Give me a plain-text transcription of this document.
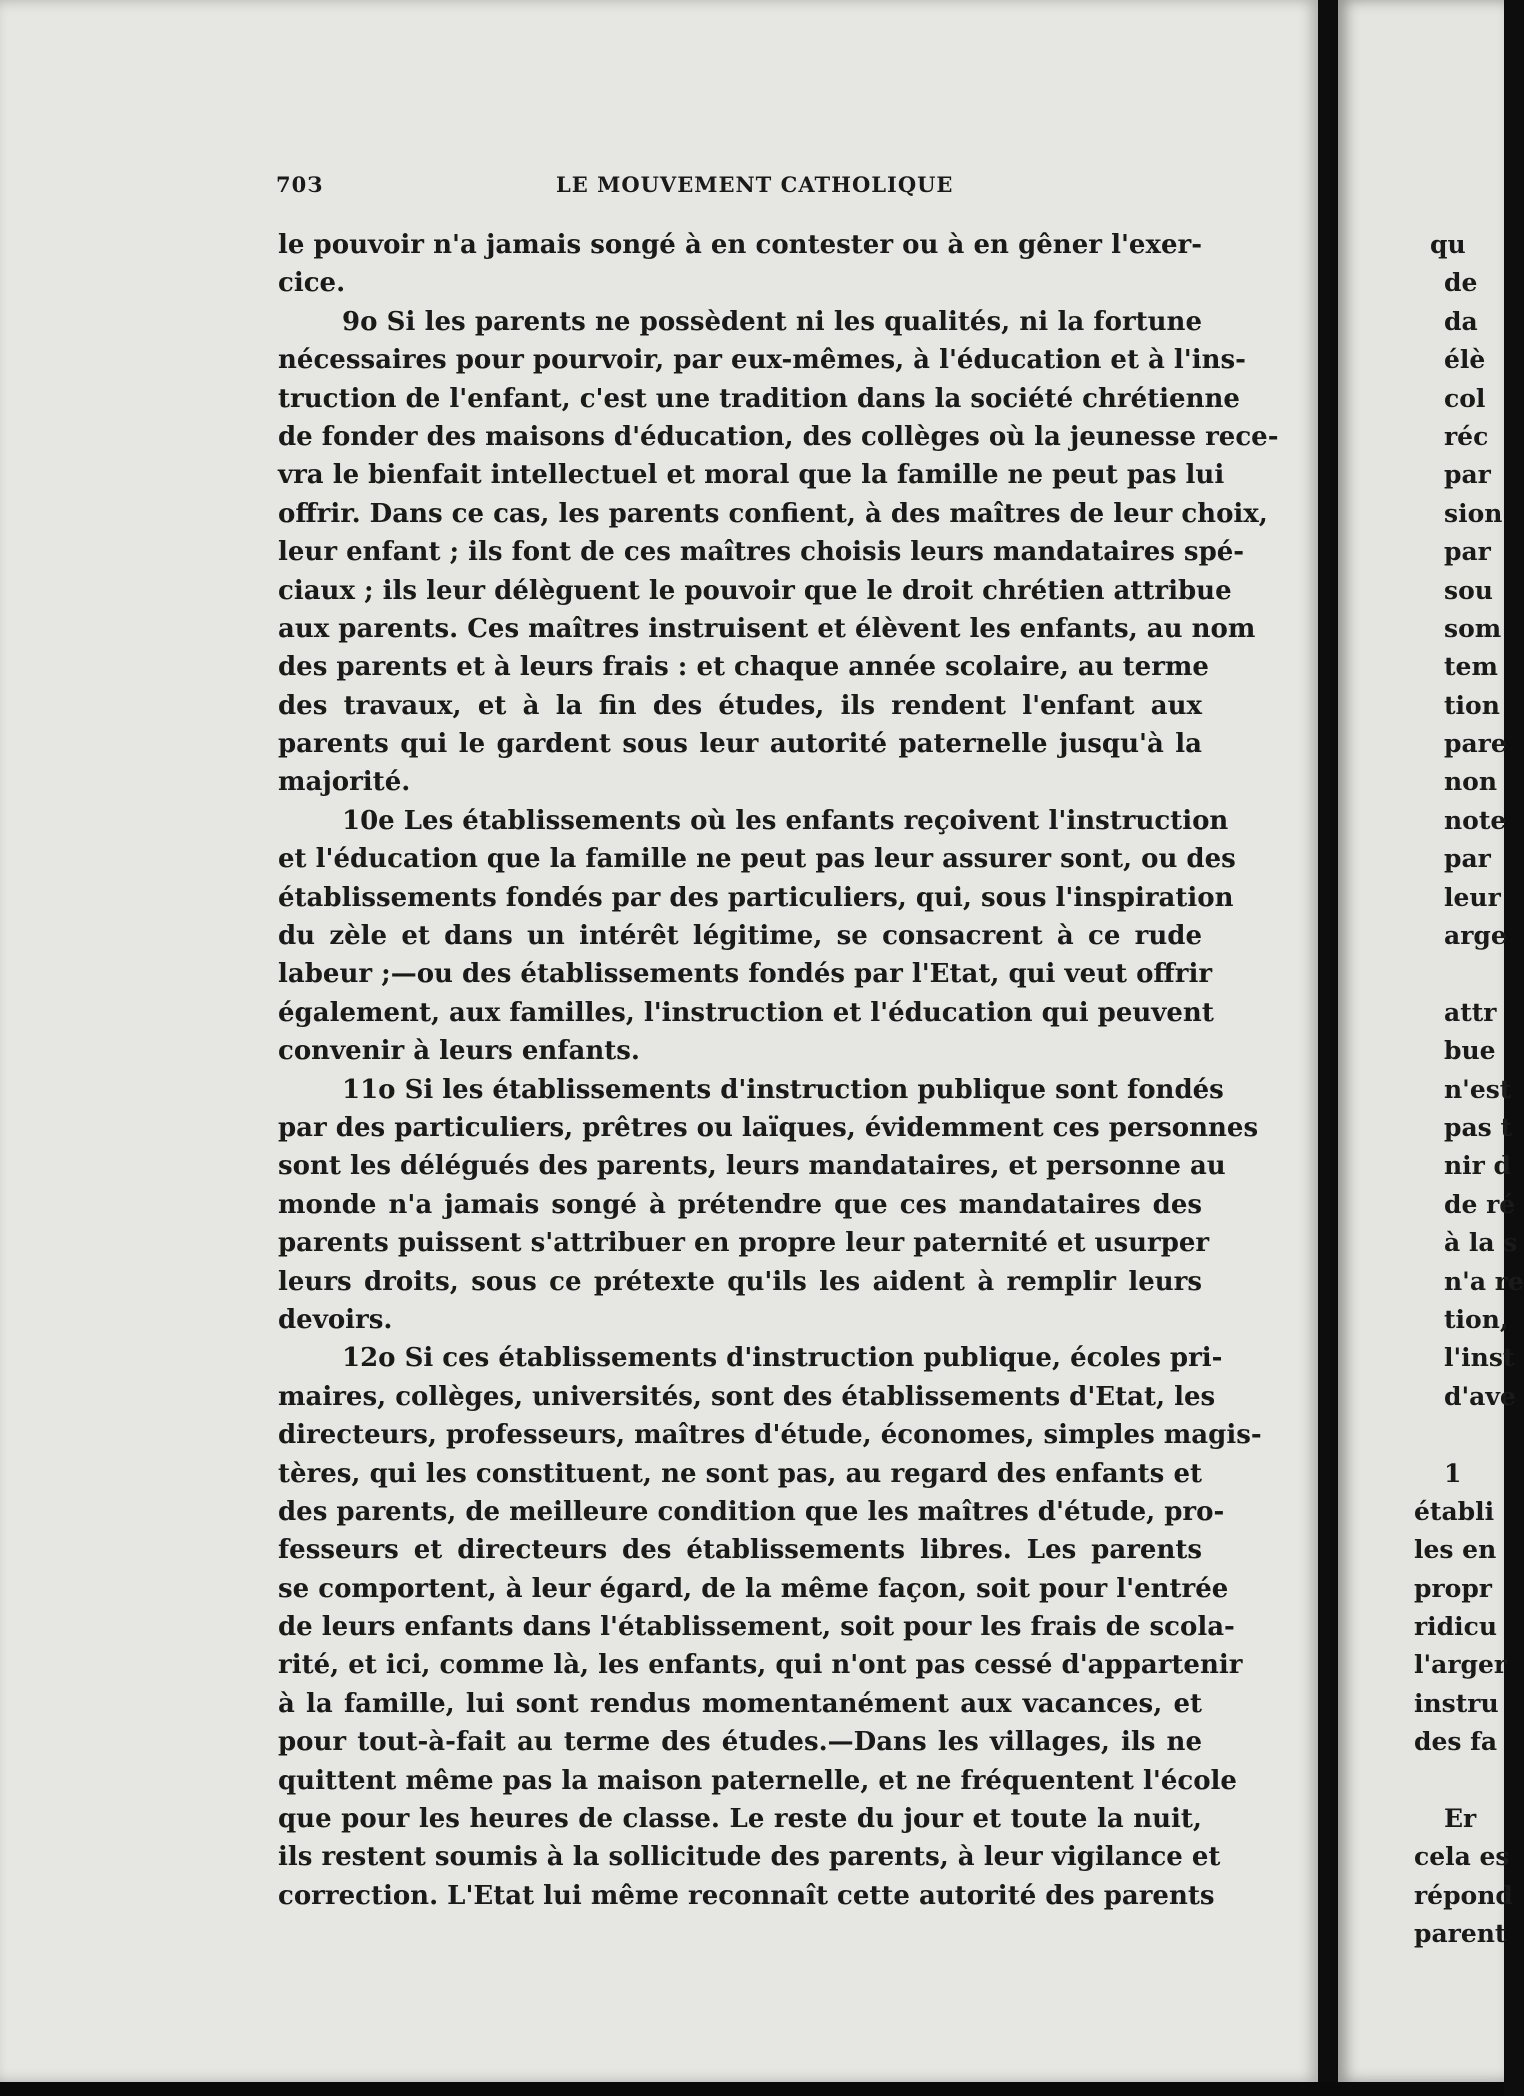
70З	LE MOUVEMENT CATHOLIQUE
le pouvoir n'a jamais songé à en contester ou à en gêner l'exer-
cice.
9o Si les parents ne possèdent ni les qualités, ni la fortune
nécessaires pour pourvoir, par eux-mêmes, à l'éducation et à l'ins-
truction de l'enfant, c'est une tradition dans la société chrétienne
de fonder des maisons d'éducation, des collèges où la jeunesse rece-
vra le bienfait intellectuel et moral que la famille ne peut pas lui
offrir. Dans ce cas, les parents confient, à des maîtres de leur choix,
leur enfant ; ils font de ces maîtres choisis leurs mandataires spé-
ciaux ; ils leur délèguent le pouvoir que le droit chrétien attribue
aux parents. Ces maîtres instruisent et élèvent les enfants, au nom
des parents et à leurs frais : et chaque année scolaire, au terme
des travaux, et à la fin des études, ils rendent l'enfant aux
parents qui le gardent sous leur autorité paternelle jusqu'à la
majorité.
10e Les établissements où les enfants reçoivent l'instruction
et l'éducation que la famille ne peut pas leur assurer sont, ou des
établissements fondés par des particuliers, qui, sous l'inspiration
du zèle et dans un intérêt légitime, se consacrent à ce rude
labeur ;—ou des établissements fondés par l'Etat, qui veut offrir
également, aux familles, l'instruction et l'éducation qui peuvent
convenir à leurs enfants.
11o Si les établissements d'instruction publique sont fondés
par des particuliers, prêtres ou laïques, évidemment ces personnes
sont les délégués des parents, leurs mandataires, et personne au
monde n'a jamais songé à prétendre que ces mandataires des
parents puissent s'attribuer en propre leur paternité et usurper
leurs droits, sous ce prétexte qu'ils les aident à remplir leurs
devoirs.
12o Si ces établissements d'instruction publique, écoles pri-
maires, collèges, universités, sont des établissements d'Etat, les
directeurs, professeurs, maîtres d'étude, économes, simples magis-
tères, qui les constituent, ne sont pas, au regard des enfants et
des parents, de meilleure condition que les maîtres d'étude, pro-
fesseurs et directeurs des établissements libres. Les parents
se comportent, à leur égard, de la même façon, soit pour l'entrée
de leurs enfants dans l'établissement, soit pour les frais de scola-
rité, et ici, comme là, les enfants, qui n'ont pas cessé d'appartenir
à la famille, lui sont rendus momentanément aux vacances, et
pour tout-à-fait au terme des études.—Dans les villages, ils ne
quittent même pas la maison paternelle, et ne fréquentent l'école
que pour les heures de classe. Le reste du jour et toute la nuit,
ils restent soumis à la sollicitude des parents, à leur vigilance et
correction. L'Etat lui même reconnaît cette autorité des parents
qu
de
da
élè
col
réc
par
sion
par
sou
som
tem
tion
pare
non
note
par
leur
arge
attr
bue
n'est
pas t
nir d
de ré
à la s
n'a re
tion,
l'inst
d'ave
1
établi
les en
propr
ridicu
l'arger
instru
des fa
Er
cela es
répond
parent
